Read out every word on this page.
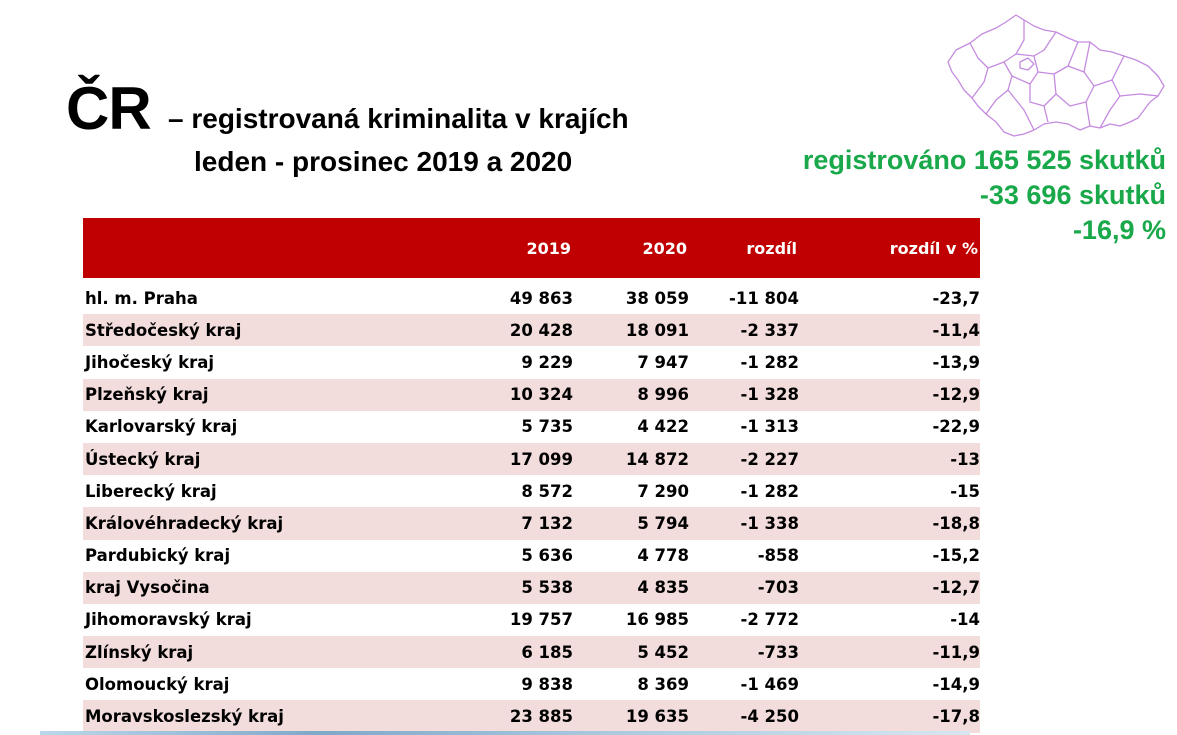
ČR – registrovaná kriminalita v krajích
leden - prosinec 2019 a 2020	registrováno 165 525 skutků
-33 696 skutků
-16,9 %
	2019	2020	rozdíl	rozdíl v %
hl. m. Praha	49 863	38 059	-11 804	-23,7
Středočeský kraj	20 428	18 091	-2 337	-11,4
Jihočeský kraj	9 229	7 947	-1 282	-13,9
Plzeňský kraj	10 324	8 996	-1 328	-12,9
Karlovarský kraj	5 735	4 422	-1 313	-22,9
Ústecký kraj	17 099	14 872	-2 227	-13
Liberecký kraj	8 572	7 290	-1 282	-15
Královéhradecký kraj	7 132	5 794	-1 338	-18,8
Pardubický kraj	5 636	4 778	-858	-15,2
kraj Vysočina	5 538	4 835	-703	-12,7
Jihomoravský kraj	19 757	16 985	-2 772	-14
Zlínský kraj	6 185	5 452	-733	-11,9
Olomoucký kraj	9 838	8 369	-1 469	-14,9
Moravskoslezský kraj	23 885	19 635	-4 250	-17,8
